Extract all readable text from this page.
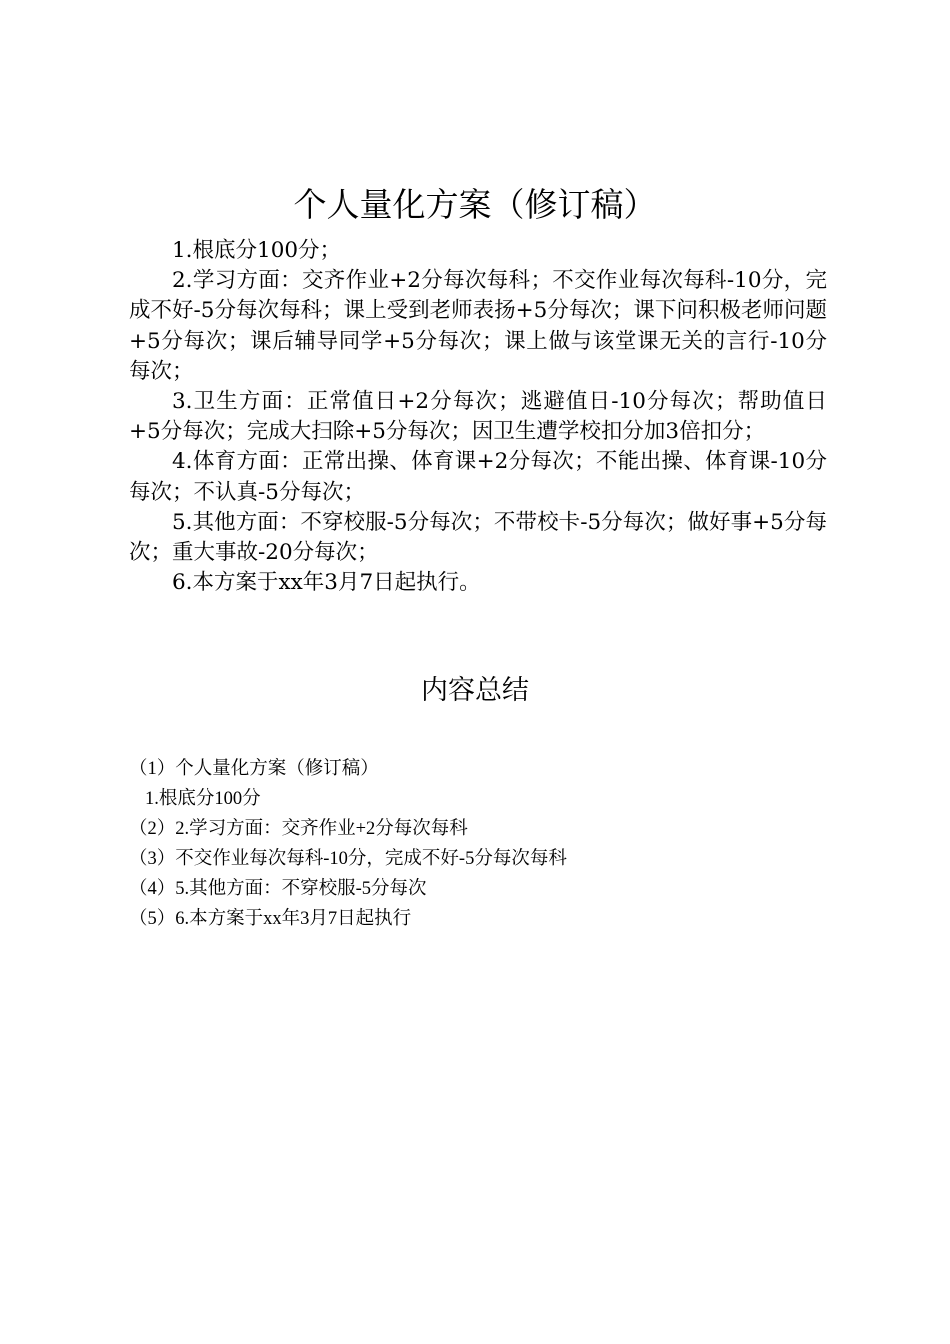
个人量化方案（修订稿）

1.根底分100分；

2.学习方面：交齐作业+2分每次每科；不交作业每次每科-10分，完成不好-5分每次每科；课上受到老师表扬+5分每次；课下问积极老师问题+5分每次；课后辅导同学+5分每次；课上做与该堂课无关的言行-10分每次；

3.卫生方面：正常值日+2分每次；逃避值日-10分每次；帮助值日+5分每次；完成大扫除+5分每次；因卫生遭学校扣分加3倍扣分；

4.体育方面：正常出操、体育课+2分每次；不能出操、体育课-10分每次；不认真-5分每次；

5.其他方面：不穿校服-5分每次；不带校卡-5分每次；做好事+5分每次；重大事故-20分每次；

6.本方案于xx年3月7日起执行。

内容总结
（1）个人量化方案（修订稿）
1.根底分100分
（2）2.学习方面：交齐作业+2分每次每科
（3）不交作业每次每科-10分，完成不好-5分每次每科
（4）5.其他方面：不穿校服-5分每次
（5）6.本方案于xx年3月7日起执行
